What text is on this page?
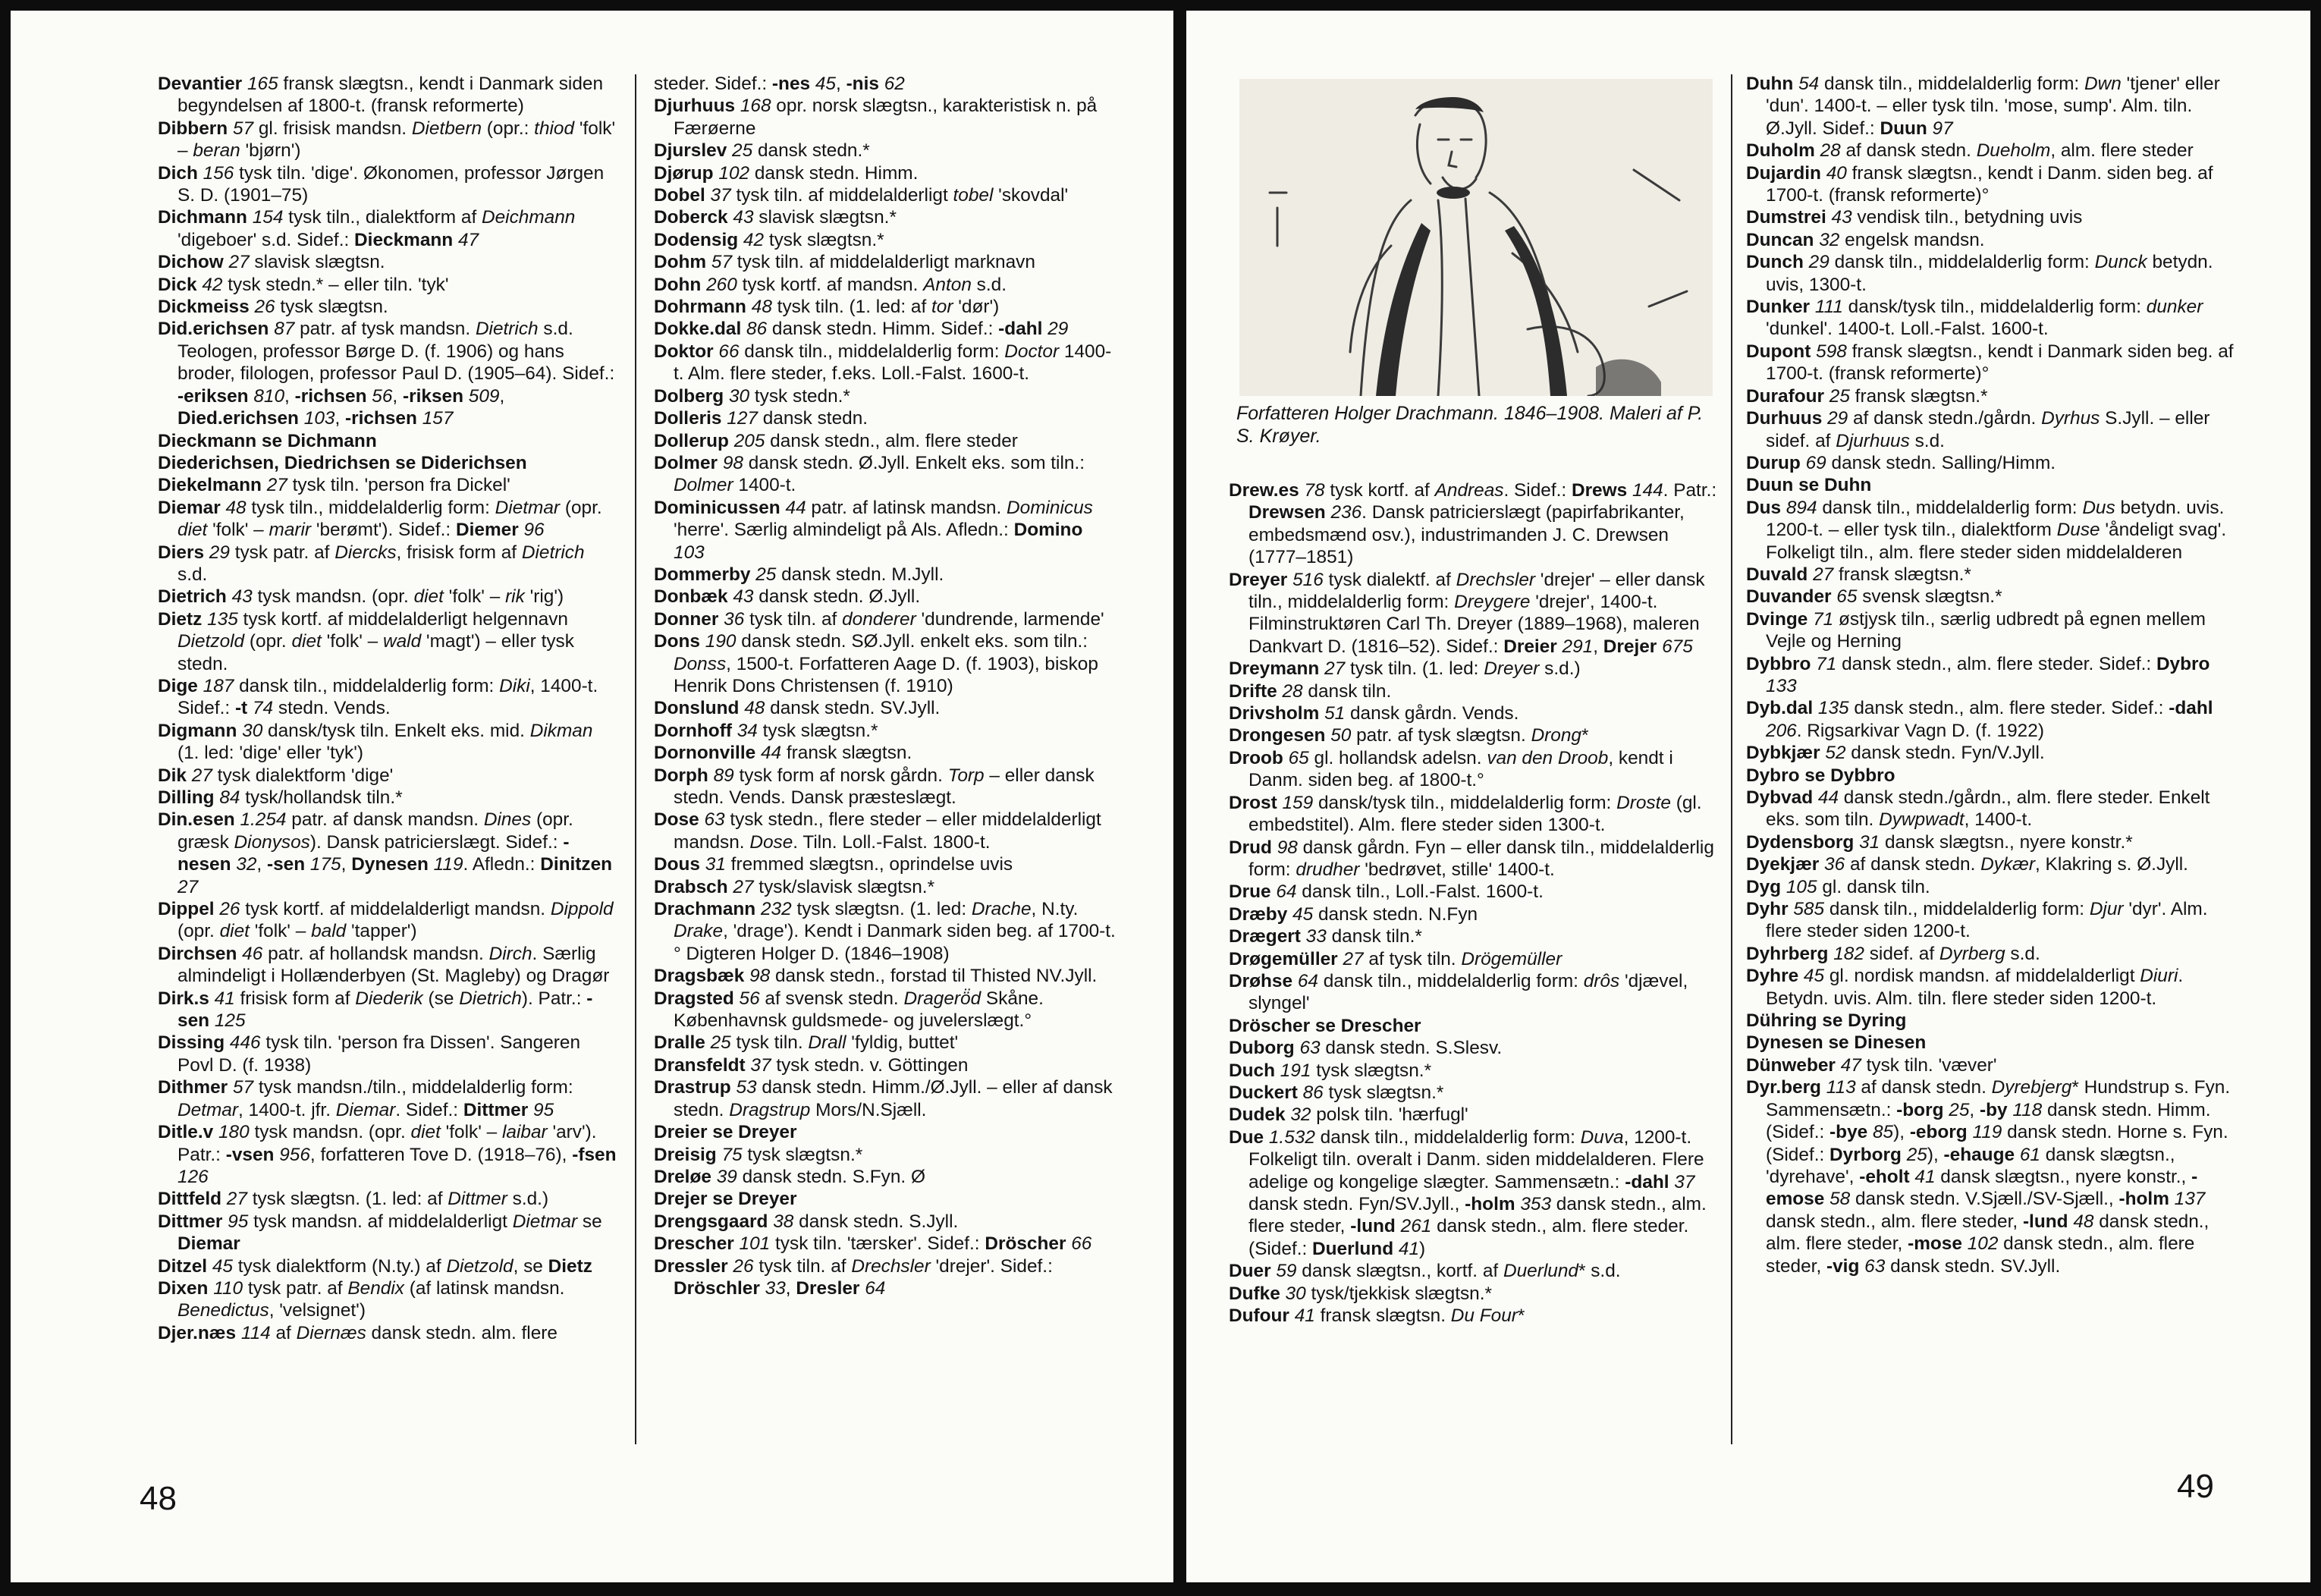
Devantier 165 fransk slægtsn., kendt i Danmark siden begyndelsen af 1800-t. (fransk reformerte)

Dibbern 57 gl. frisisk mandsn. Dietbern (opr.: thiod 'folk' – beran 'bjørn')

Dich 156 tysk tiln. 'dige'. Økonomen, professor Jørgen S. D. (1901–75)

Dichmann 154 tysk tiln., dialektform af Deichmann 'digeboer' s.d. Sidef.: Dieckmann 47

Dichow 27 slavisk slægtsn.

Dick 42 tysk stedn.* – eller tiln. 'tyk'

Dickmeiss 26 tysk slægtsn.

Did.erichsen 87 patr. af tysk mandsn. Dietrich s.d. Teologen, professor Børge D. (f. 1906) og hans broder, filologen, professor Paul D. (1905–64). Sidef.: -eriksen 810, -richsen 56, -riksen 509, Died.erichsen 103, -richsen 157

Dieckmann se Dichmann

Diederichsen, Diedrichsen se Diderichsen

Diekelmann 27 tysk tiln. 'person fra Dickel'

Diemar 48 tysk tiln., middelalderlig form: Dietmar (opr. diet 'folk' – marir 'berømt'). Sidef.: Diemer 96

Diers 29 tysk patr. af Diercks, frisisk form af Dietrich s.d.

Dietrich 43 tysk mandsn. (opr. diet 'folk' – rik 'rig')

Dietz 135 tysk kortf. af middelalderligt helgennavn Dietzold (opr. diet 'folk' – wald 'magt') – eller tysk stedn.

Dige 187 dansk tiln., middelalderlig form: Diki, 1400-t. Sidef.: -t 74 stedn. Vends.

Digmann 30 dansk/tysk tiln. Enkelt eks. mid. Dikman (1. led: 'dige' eller 'tyk')

Dik 27 tysk dialektform 'dige'

Dilling 84 tysk/hollandsk tiln.*

Din.esen 1.254 patr. af dansk mandsn. Dines (opr. græsk Dionysos). Dansk patricierslægt. Sidef.: -nesen 32, -sen 175, Dynesen 119. Afledn.: Dinitzen 27

Dippel 26 tysk kortf. af middelalderligt mandsn. Dippold (opr. diet 'folk' – bald 'tapper')

Dirchsen 46 patr. af hollandsk mandsn. Dirch. Særlig almindeligt i Hollænderbyen (St. Magleby) og Dragør

Dirk.s 41 frisisk form af Diederik (se Dietrich). Patr.: -sen 125

Dissing 446 tysk tiln. 'person fra Dissen'. Sangeren Povl D. (f. 1938)

Dithmer 57 tysk mandsn./tiln., middelalderlig form: Detmar, 1400-t. jfr. Diemar. Sidef.: Dittmer 95

Ditle.v 180 tysk mandsn. (opr. diet 'folk' – laibar 'arv'). Patr.: -vsen 956, forfatteren Tove D. (1918–76), -fsen 126

Dittfeld 27 tysk slægtsn. (1. led: af Dittmer s.d.)

Dittmer 95 tysk mandsn. af middelalderligt Dietmar se Diemar

Ditzel 45 tysk dialektform (N.ty.) af Dietzold, se Dietz

Dixen 110 tysk patr. af Bendix (af latinsk mandsn. Benedictus, 'velsignet')

Djer.næs 114 af Diernæs dansk stedn. alm. flere

steder. Sidef.: -nes 45, -nis 62

Djurhuus 168 opr. norsk slægtsn., karakteristisk n. på Færøerne

Djurslev 25 dansk stedn.*

Djørup 102 dansk stedn. Himm.

Dobel 37 tysk tiln. af middelalderligt tobel 'skovdal'

Doberck 43 slavisk slægtsn.*

Dodensig 42 tysk slægtsn.*

Dohm 57 tysk tiln. af middelalderligt marknavn

Dohn 260 tysk kortf. af mandsn. Anton s.d.

Dohrmann 48 tysk tiln. (1. led: af tor 'dør')

Dokke.dal 86 dansk stedn. Himm. Sidef.: -dahl 29

Doktor 66 dansk tiln., middelalderlig form: Doctor 1400-t. Alm. flere steder, f.eks. Loll.-Falst. 1600-t.

Dolberg 30 tysk stedn.*

Dolleris 127 dansk stedn.

Dollerup 205 dansk stedn., alm. flere steder

Dolmer 98 dansk stedn. Ø.Jyll. Enkelt eks. som tiln.: Dolmer 1400-t.

Dominicussen 44 patr. af latinsk mandsn. Dominicus 'herre'. Særlig almindeligt på Als. Afledn.: Domino 103

Dommerby 25 dansk stedn. M.Jyll.

Donbæk 43 dansk stedn. Ø.Jyll.

Donner 36 tysk tiln. af donderer 'dundrende, larmende'

Dons 190 dansk stedn. SØ.Jyll. enkelt eks. som tiln.: Donss, 1500-t. Forfatteren Aage D. (f. 1903), biskop Henrik Dons Christensen (f. 1910)

Donslund 48 dansk stedn. SV.Jyll.

Dornhoff 34 tysk slægtsn.*

Dornonville 44 fransk slægtsn.

Dorph 89 tysk form af norsk gårdn. Torp – eller dansk stedn. Vends. Dansk præsteslægt.

Dose 63 tysk stedn., flere steder – eller middelalderligt mandsn. Dose. Tiln. Loll.-Falst. 1800-t.

Dous 31 fremmed slægtsn., oprindelse uvis

Drabsch 27 tysk/slavisk slægtsn.*

Drachmann 232 tysk slægtsn. (1. led: Drache, N.ty. Drake, 'drage'). Kendt i Danmark siden beg. af 1700-t.° Digteren Holger D. (1846–1908)

Dragsbæk 98 dansk stedn., forstad til Thisted NV.Jyll.

Dragsted 56 af svensk stedn. Dragerö̈d Skåne. Københavnsk guldsmede- og juvelerslægt.°

Dralle 25 tysk tiln. Drall 'fyldig, buttet'

Dransfeldt 37 tysk stedn. v. Göttingen

Drastrup 53 dansk stedn. Himm./Ø.Jyll. – eller af dansk stedn. Dragstrup Mors/N.Sjæll.

Dreier se Dreyer

Dreisig 75 tysk slægtsn.*

Dreløe 39 dansk stedn. S.Fyn. Ø

Drejer se Dreyer

Drengsgaard 38 dansk stedn. S.Jyll.

Drescher 101 tysk tiln. 'tærsker'. Sidef.: Dröscher 66

Dressler 26 tysk tiln. af Drechsler 'drejer'. Sidef.: Dröschler 33, Dresler 64

48
Forfatteren Holger Drachmann. 1846–1908. Maleri af P. S. Krøyer.

Drew.es 78 tysk kortf. af Andreas. Sidef.: Drews 144. Patr.: Drewsen 236. Dansk patricierslægt (papirfabrikanter, embedsmænd osv.), industrimanden J. C. Drewsen (1777–1851)

Dreyer 516 tysk dialektf. af Drechsler 'drejer' – eller dansk tiln., middelalderlig form: Dreygere 'drejer', 1400-t. Filminstruktøren Carl Th. Dreyer (1889–1968), maleren Dankvart D. (1816–52). Sidef.: Dreier 291, Drejer 675

Dreymann 27 tysk tiln. (1. led: Dreyer s.d.)

Drifte 28 dansk tiln.

Drivsholm 51 dansk gårdn. Vends.

Drongesen 50 patr. af tysk slægtsn. Drong*

Droob 65 gl. hollandsk adelsn. van den Droob, kendt i Danm. siden beg. af 1800-t.°

Drost 159 dansk/tysk tiln., middelalderlig form: Droste (gl. embedstitel). Alm. flere steder siden 1300-t.

Drud 98 dansk gårdn. Fyn – eller dansk tiln., middelalderlig form: drudher 'bedrøvet, stille' 1400-t.

Drue 64 dansk tiln., Loll.-Falst. 1600-t.

Dræby 45 dansk stedn. N.Fyn

Drægert 33 dansk tiln.*

Drøgemüller 27 af tysk tiln. Drögemüller

Drøhse 64 dansk tiln., middelalderlig form: drôs 'djævel, slyngel'

Dröscher se Drescher

Duborg 63 dansk stedn. S.Slesv.

Duch 191 tysk slægtsn.*

Duckert 86 tysk slægtsn.*

Dudek 32 polsk tiln. 'hærfugl'

Due 1.532 dansk tiln., middelalderlig form: Duva, 1200-t. Folkeligt tiln. overalt i Danm. siden middelalderen. Flere adelige og kongelige slægter. Sammensætn.: -dahl 37 dansk stedn. Fyn/SV.Jyll., -holm 353 dansk stedn., alm. flere steder, -lund 261 dansk stedn., alm. flere steder. (Sidef.: Duerlund 41)

Duer 59 dansk slægtsn., kortf. af Duerlund* s.d.

Dufke 30 tysk/tjekkisk slægtsn.*

Dufour 41 fransk slægtsn. Du Four*

Duhn 54 dansk tiln., middelalderlig form: Dwn 'tjener' eller 'dun'. 1400-t. – eller tysk tiln. 'mose, sump'. Alm. tiln. Ø.Jyll. Sidef.: Duun 97

Duholm 28 af dansk stedn. Dueholm, alm. flere steder

Dujardin 40 fransk slægtsn., kendt i Danm. siden beg. af 1700-t. (fransk reformerte)°

Dumstrei 43 vendisk tiln., betydning uvis

Duncan 32 engelsk mandsn.

Dunch 29 dansk tiln., middelalderlig form: Dunck betydn. uvis, 1300-t.

Dunker 111 dansk/tysk tiln., middelalderlig form: dunker 'dunkel'. 1400-t. Loll.-Falst. 1600-t.

Dupont 598 fransk slægtsn., kendt i Danmark siden beg. af 1700-t. (fransk reformerte)°

Durafour 25 fransk slægtsn.*

Durhuus 29 af dansk stedn./gårdn. Dyrhus S.Jyll. – eller sidef. af Djurhuus s.d.

Durup 69 dansk stedn. Salling/Himm.

Duun se Duhn

Dus 894 dansk tiln., middelalderlig form: Dus betydn. uvis. 1200-t. – eller tysk tiln., dialektform Duse 'åndeligt svag'. Folkeligt tiln., alm. flere steder siden middelalderen

Duvald 27 fransk slægtsn.*

Duvander 65 svensk slægtsn.*

Dvinge 71 østjysk tiln., særlig udbredt på egnen mellem Vejle og Herning

Dybbro 71 dansk stedn., alm. flere steder. Sidef.: Dybro 133

Dyb.dal 135 dansk stedn., alm. flere steder. Sidef.: -dahl 206. Rigsarkivar Vagn D. (f. 1922)

Dybkjær 52 dansk stedn. Fyn/V.Jyll.

Dybro se Dybbro

Dybvad 44 dansk stedn./gårdn., alm. flere steder. Enkelt eks. som tiln. Dywpwadt, 1400-t.

Dydensborg 31 dansk slægtsn., nyere konstr.*

Dyekjær 36 af dansk stedn. Dykær, Klakring s. Ø.Jyll.

Dyg 105 gl. dansk tiln.

Dyhr 585 dansk tiln., middelalderlig form: Djur 'dyr'. Alm. flere steder siden 1200-t.

Dyhrberg 182 sidef. af Dyrberg s.d.

Dyhre 45 gl. nordisk mandsn. af middelalderligt Diuri. Betydn. uvis. Alm. tiln. flere steder siden 1200-t.

Dühring se Dyring

Dynesen se Dinesen

Dünweber 47 tysk tiln. 'væver'

Dyr.berg 113 af dansk stedn. Dyrebjerg* Hundstrup s. Fyn. Sammensætn.: -borg 25, -by 118 dansk stedn. Himm. (Sidef.: -bye 85), -eborg 119 dansk stedn. Horne s. Fyn. (Sidef.: Dyrborg 25), -ehauge 61 dansk slægtsn., 'dyrehave', -eholt 41 dansk slægtsn., nyere konstr., -emose 58 dansk stedn. V.Sjæll./SV-Sjæll., -holm 137 dansk stedn., alm. flere steder, -lund 48 dansk stedn., alm. flere steder, -mose 102 dansk stedn., alm. flere steder, -vig 63 dansk stedn. SV.Jyll.

49
